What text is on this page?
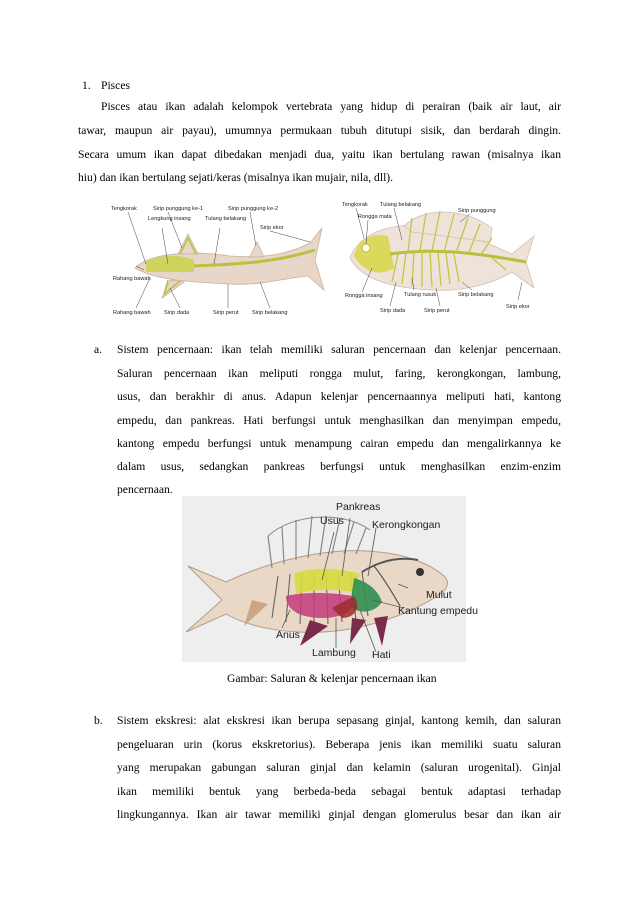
1. Pisces
Pisces atau ikan adalah kelompok vertebrata yang hidup di perairan (baik air laut, air
tawar, maupun air payau), umumnya permukaan tubuh ditutupi sisik, dan berdarah dingin.
Secara umum ikan dapat dibedakan menjadi dua, yaitu ikan bertulang rawan (misalnya ikan
hiu) dan ikan bertulang sejati/keras (misalnya ikan mujair, nila, dll).
Tengkorak	Sirip punggung ke-1	Sirip punggung ke-2
Lengkung insang	Tulang belakang
Sirip ekor
Rahang bawah
Rahang bawah Sirip dada	Sirip perut Sirip belakang
Tengkorak Tulang belakang
Rongga mata
Sirip punggung
Rongga insang	Tulang rusuk	Sirip belakang
Sirip dada	Sirip perut
Sirip ekor
a. Sistem pencernaan: ikan telah memiliki saluran pencernaan dan kelenjar pencernaan.
Saluran pencernaan ikan meliputi rongga mulut, faring, kerongkongan, lambung,
usus, dan berakhir di anus. Adapun kelenjar pencernaannya meliputi hati, kantong
empedu, dan pankreas. Hati berfungsi untuk menghasilkan dan menyimpan empedu,
kantong empedu berfungsi untuk menampung cairan empedu dan mengalirkannya ke
dalam usus, sedangkan pankreas berfungsi untuk menghasilkan enzim-enzim
pencernaan.
Pankreas
Usus	Kerongkongan
Mulut
Kantung empedu
Anus
Lambung Hati
Gambar: Saluran & kelenjar pencernaan ikan
b. Sistem ekskresi: alat ekskresi ikan berupa sepasang ginjal, kantong kemih, dan saluran
pengeluaran urin (korus ekskretorius). Beberapa jenis ikan memiliki suatu saluran
yang merupakan gabungan saluran ginjal dan kelamin (saluran urogenital). Ginjal
ikan memiliki bentuk yang berbeda-beda sebagai bentuk adaptasi terhadap
lingkungannya. Ikan air tawar memiliki ginjal dengan glomerulus besar dan ikan air
